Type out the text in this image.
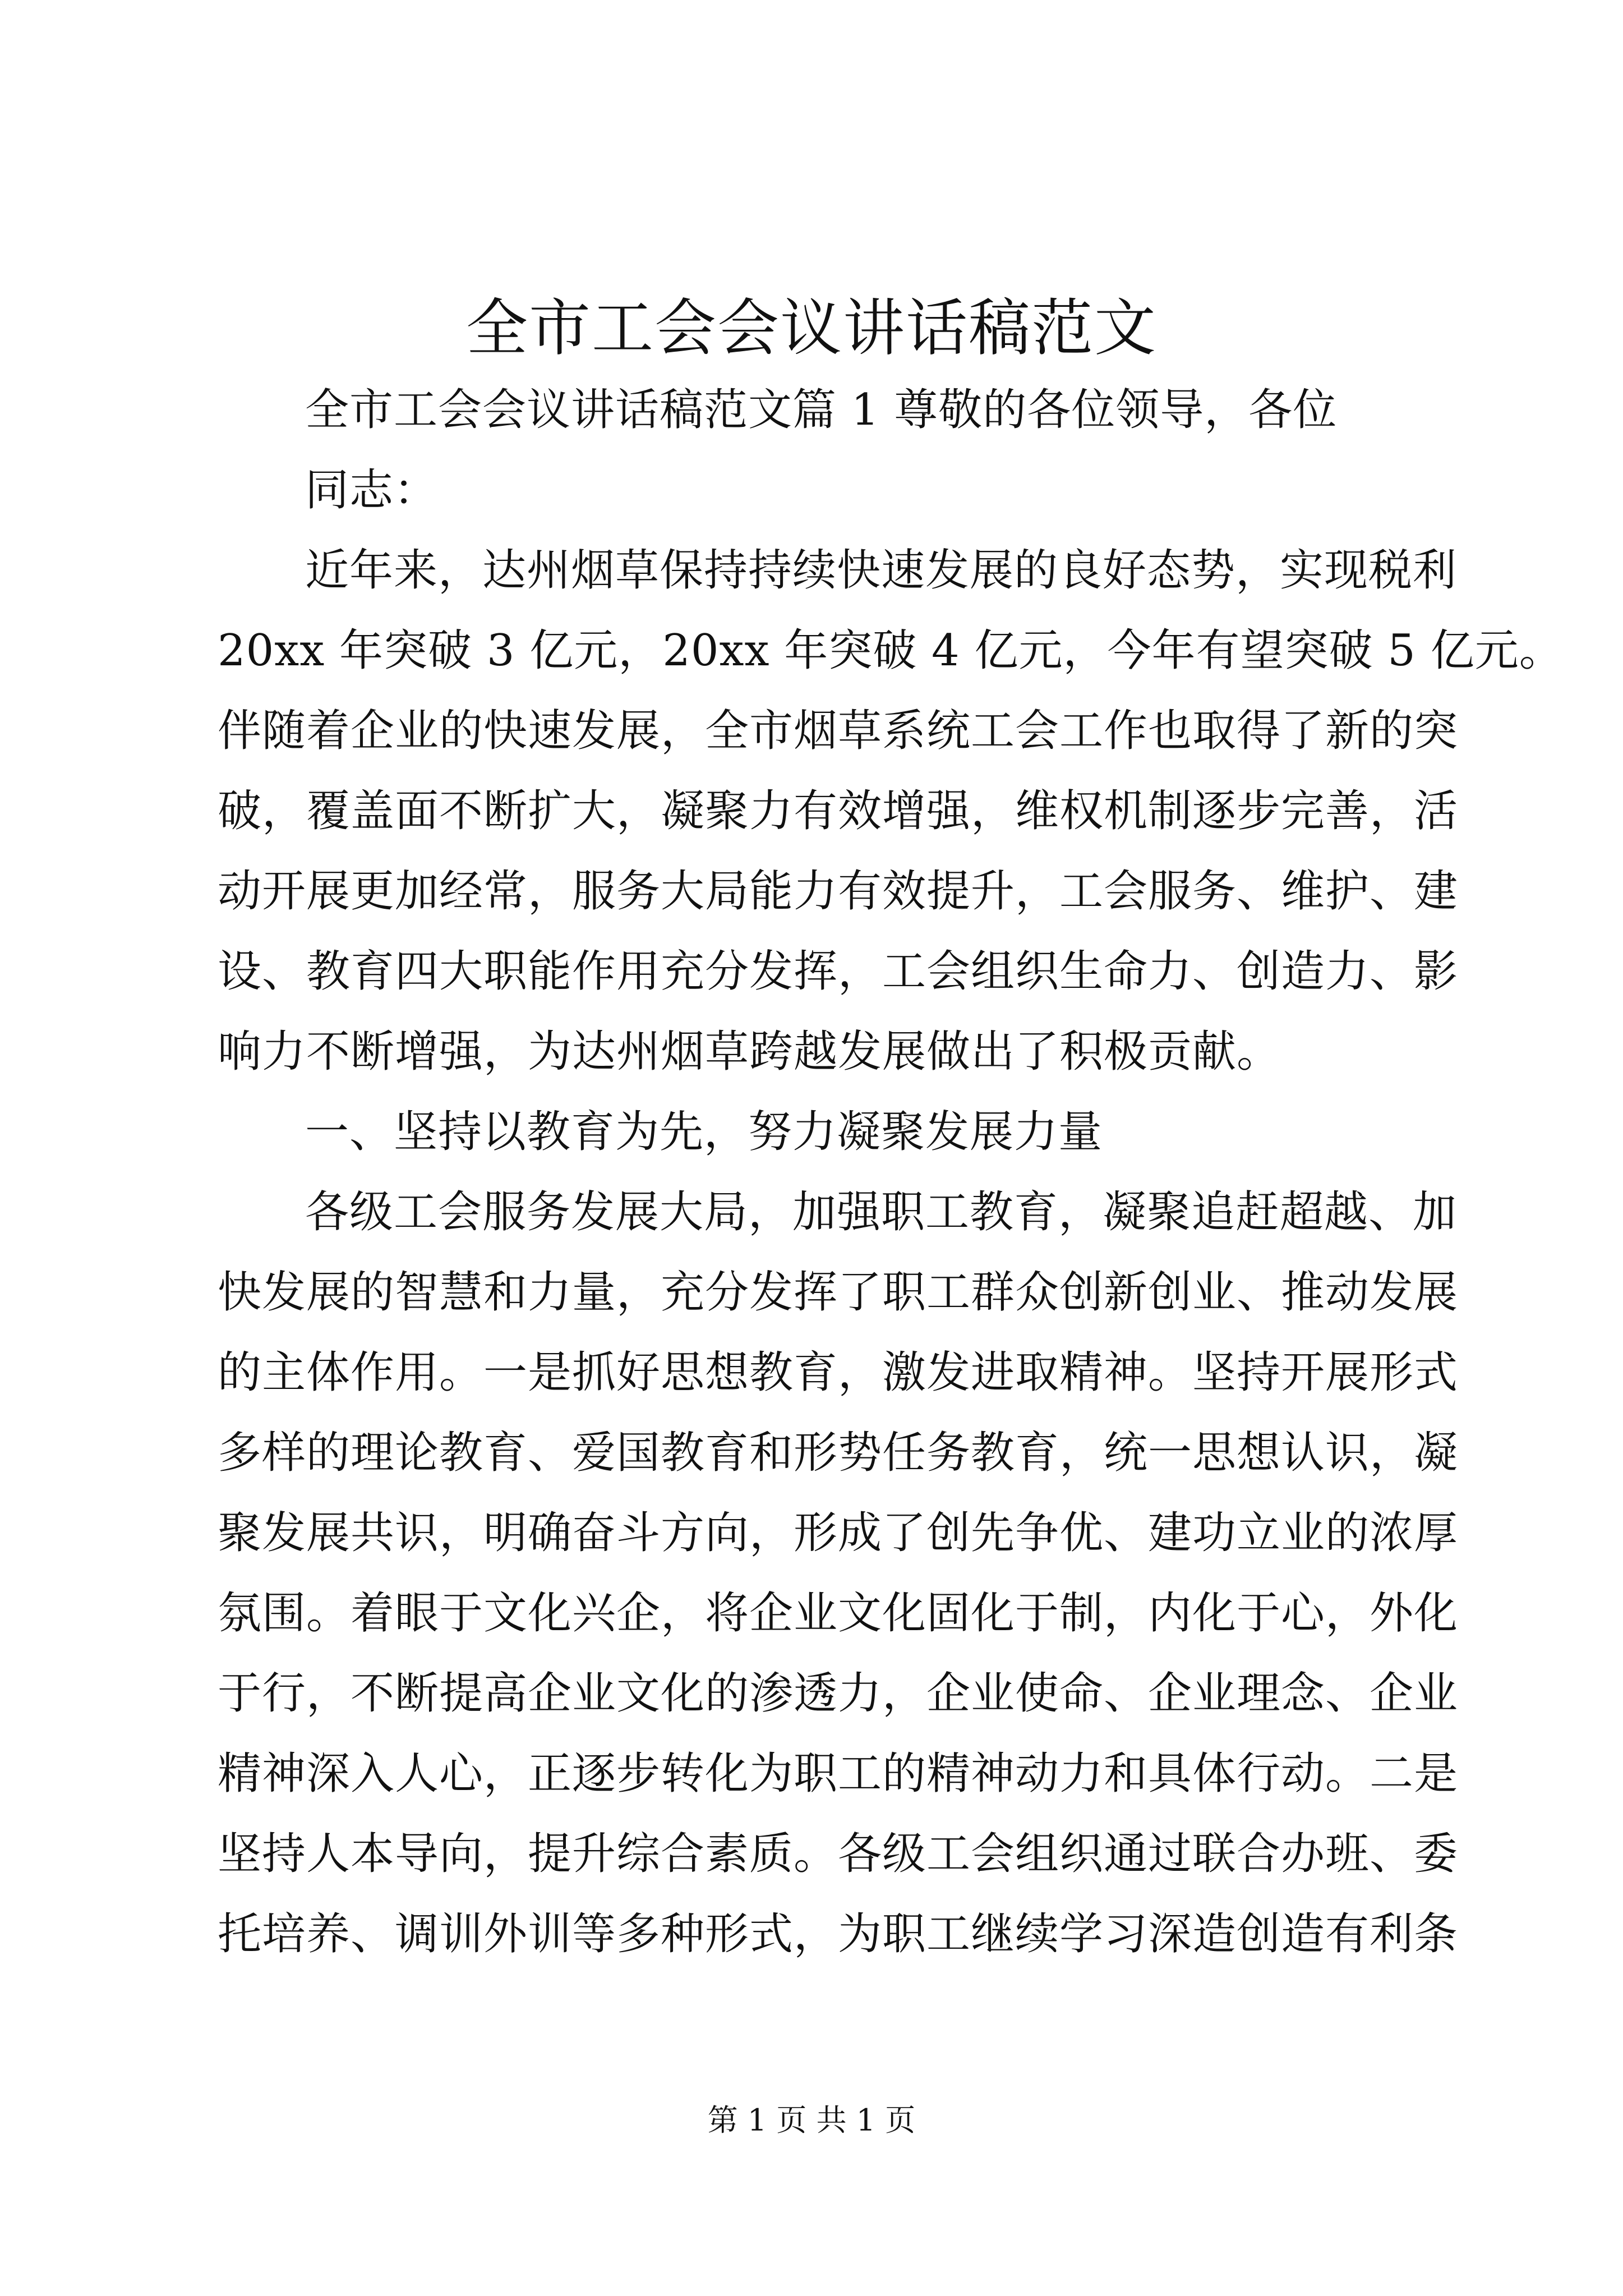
全市工会会议讲话稿范文
全市工会会议讲话稿范文篇 1 尊敬的各位领导，各位
同志：
近年来，达州烟草保持持续快速发展的良好态势，实现税利
20xx 年突破 3 亿元，20xx 年突破 4 亿元，今年有望突破 5 亿元。
伴随着企业的快速发展，全市烟草系统工会工作也取得了新的突
破，覆盖面不断扩大，凝聚力有效增强，维权机制逐步完善，活
动开展更加经常，服务大局能力有效提升，工会服务、维护、建
设、教育四大职能作用充分发挥，工会组织生命力、创造力、影
响力不断增强，为达州烟草跨越发展做出了积极贡献。
一、坚持以教育为先，努力凝聚发展力量
各级工会服务发展大局，加强职工教育，凝聚追赶超越、加
快发展的智慧和力量，充分发挥了职工群众创新创业、推动发展
的主体作用。一是抓好思想教育，激发进取精神。坚持开展形式
多样的理论教育、爱国教育和形势任务教育，统一思想认识，凝
聚发展共识，明确奋斗方向，形成了创先争优、建功立业的浓厚
氛围。着眼于文化兴企，将企业文化固化于制，内化于心，外化
于行，不断提高企业文化的渗透力，企业使命、企业理念、企业
精神深入人心，正逐步转化为职工的精神动力和具体行动。二是
坚持人本导向，提升综合素质。各级工会组织通过联合办班、委
托培养、调训外训等多种形式，为职工继续学习深造创造有利条
第 1 页 共 1 页
